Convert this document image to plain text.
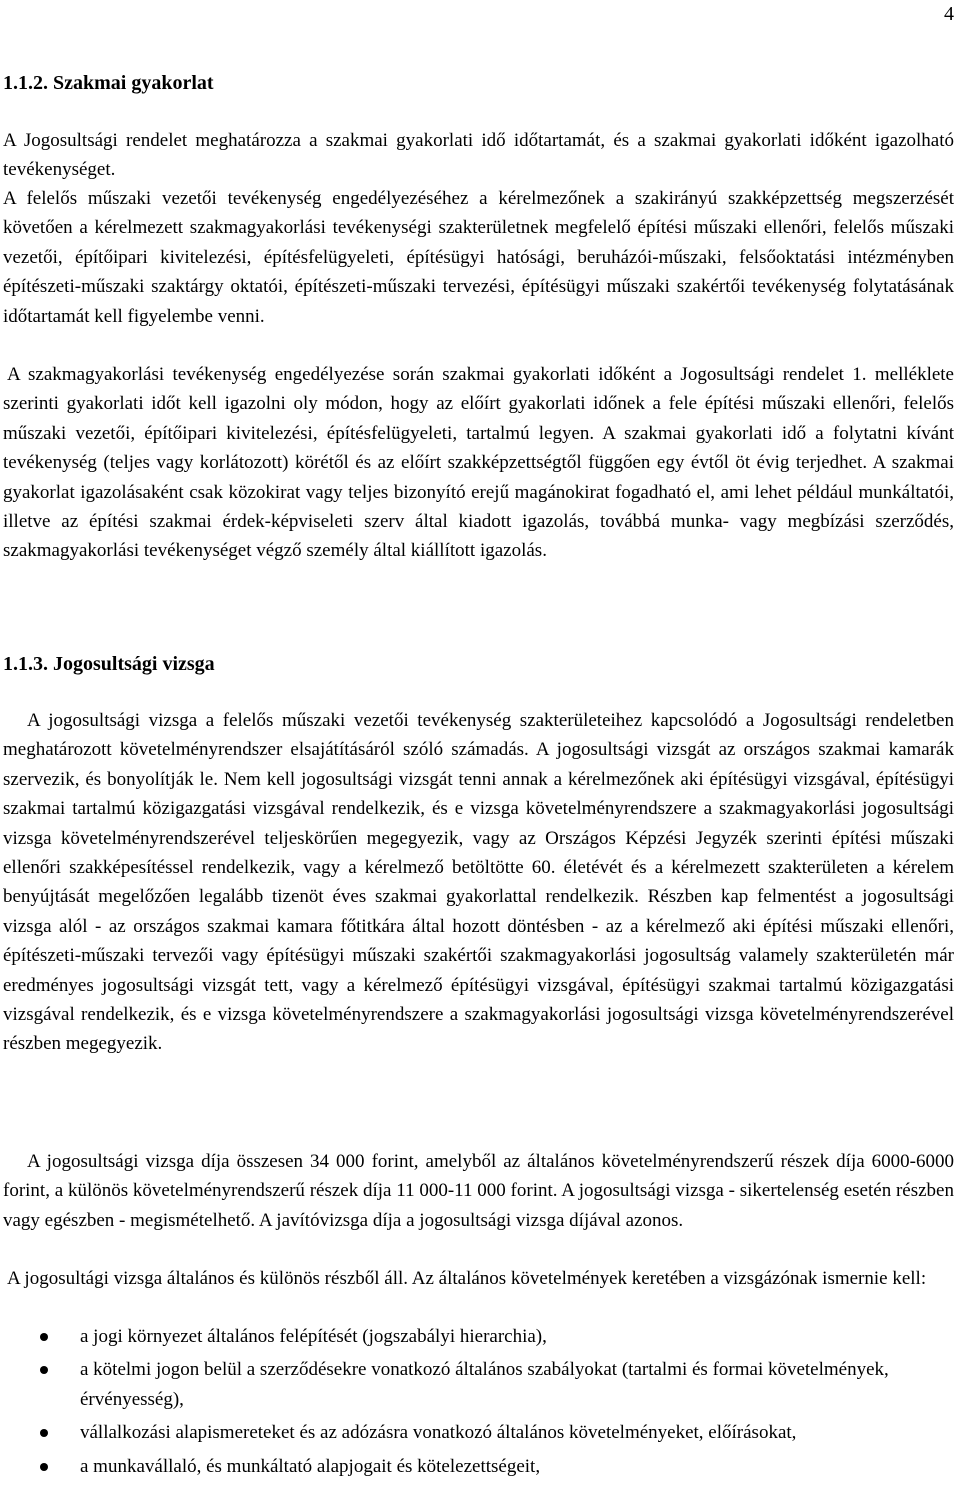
4
1.1.2. Szakmai gyakorlat

A Jogosultsági rendelet meghatározza a szakmai gyakorlati idő időtartamát, és a szakmai gyakorlati időként igazolható tevékenységet.

A felelős műszaki vezetői tevékenység engedélyezéséhez a kérelmezőnek a szakirányú szakképzettség megszerzését követően a kérelmezett szakmagyakorlási tevékenységi szakterületnek megfelelő építési műszaki ellenőri, felelős műszaki vezetői, építőipari kivitelezési, építésfelügyeleti, építésügyi hatósági, beruházói-műszaki, felsőoktatási intézményben építészeti-műszaki szaktárgy oktatói, építészeti-műszaki tervezési, építésügyi műszaki szakértői tevékenység folytatásának időtartamát kell figyelembe venni.

A szakmagyakorlási tevékenység engedélyezése során szakmai gyakorlati időként a Jogosultsági rendelet 1. melléklete szerinti gyakorlati időt kell igazolni oly módon, hogy az előírt gyakorlati időnek a fele építési műszaki ellenőri, felelős műszaki vezetői, építőipari kivitelezési, építésfelügyeleti, tartalmú legyen. A szakmai gyakorlati idő a folytatni kívánt tevékenység (teljes vagy korlátozott) körétől és az előírt szakképzettségtől függően egy évtől öt évig terjedhet. A szakmai gyakorlat igazolásaként csak közokirat vagy teljes bizonyító erejű magánokirat fogadható el, ami lehet például munkáltatói, illetve az építési szakmai érdek-képviseleti szerv által kiadott igazolás, továbbá munka- vagy megbízási szerződés, szakmagyakorlási tevékenységet végző személy által kiállított igazolás.

1.1.3. Jogosultsági vizsga

A jogosultsági vizsga a felelős műszaki vezetői tevékenység szakterületeihez kapcsolódó a Jogosultsági rendeletben meghatározott követelményrendszer elsajátításáról szóló számadás. A jogosultsági vizsgát az országos szakmai kamarák szervezik, és bonyolítják le. Nem kell jogosultsági vizsgát tenni annak a kérelmezőnek aki építésügyi vizsgával, építésügyi szakmai tartalmú közigazgatási vizsgával rendelkezik, és e vizsga követelményrendszere a szakmagyakorlási jogosultsági vizsga követelményrendszerével teljeskörűen megegyezik, vagy az Országos Képzési Jegyzék szerinti építési műszaki ellenőri szakképesítéssel rendelkezik, vagy a kérelmező betöltötte 60. életévét és a kérelmezett szakterületen a kérelem benyújtását megelőzően legalább tizenöt éves szakmai gyakorlattal rendelkezik. Részben kap felmentést a jogosultsági vizsga alól - az országos szakmai kamara főtitkára által hozott döntésben - az a kérelmező aki építési műszaki ellenőri, építészeti-műszaki tervezői vagy építésügyi műszaki szakértői szakmagyakorlási jogosultság valamely szakterületén már eredményes jogosultsági vizsgát tett, vagy a kérelmező építésügyi vizsgával, építésügyi szakmai tartalmú közigazgatási vizsgával rendelkezik, és e vizsga követelményrendszere a szakmagyakorlási jogosultsági vizsga követelményrendszerével részben megegyezik.

A jogosultsági vizsga díja összesen 34 000 forint, amelyből az általános követelményrendszerű részek díja 6000-6000 forint, a különös követelményrendszerű részek díja 11 000-11 000 forint. A jogosultsági vizsga - sikertelenség esetén részben vagy egészben - megismételhető. A javítóvizsga díja a jogosultsági vizsga díjával azonos.

A jogosultági vizsga általános és különös részből áll. Az általános követelmények keretében a vizsgázónak ismernie kell:

a jogi környezet általános felépítését (jogszabályi hierarchia),
a kötelmi jogon belül a szerződésekre vonatkozó általános szabályokat (tartalmi és formai követelmények, érvényesség),
vállalkozási alapismereteket és az adózásra vonatkozó általános követelményeket, előírásokat,
a munkavállaló, és munkáltató alapjogait és kötelezettségeit,
